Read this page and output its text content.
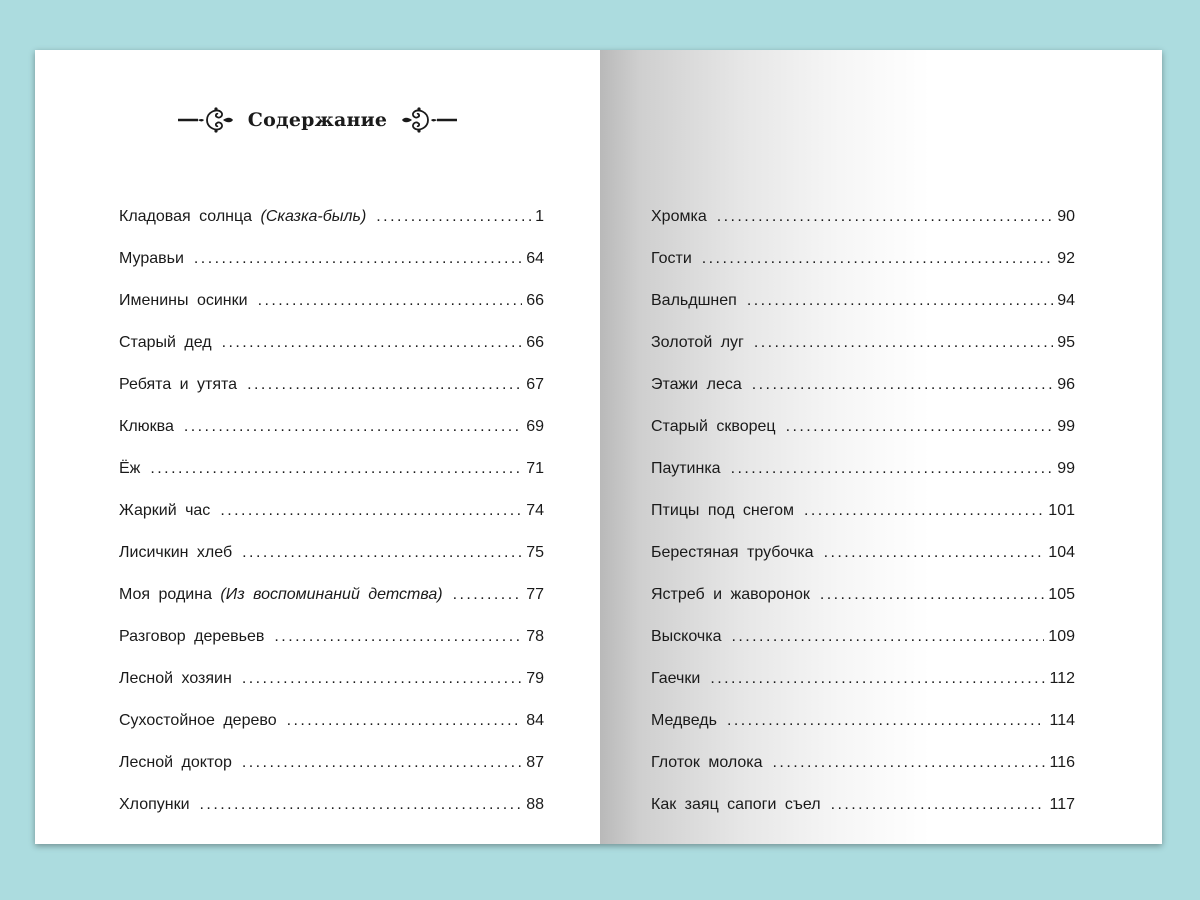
Содержание
Кладовая солнца (Сказка-быль) . . .	1
Муравьи . . .	64
Именины осинки . . .	66
Старый дед . . .	66
Ребята и утята . . .	67
Клюква . . .	69
Ёж . . .	71
Жаркий час . . .	74
Лисичкин хлеб . . .	75
Моя родина (Из воспоминаний детства) . . .	77
Разговор деревьев . . .	78
Лесной хозяин . . .	79
Сухостойное дерево . . .	84
Лесной доктор . . .	87
Хлопунки . . .	88
Хромка . . .	90
Гости . . .	92
Вальдшнеп . . .	94
Золотой луг . . .	95
Этажи леса . . .	96
Старый скворец . . .	99
Паутинка . . .	99
Птицы под снегом . . .	101
Берестяная трубочка . . .	104
Ястреб и жаворонок . . .	105
Выскочка . . .	109
Гаечки . . .	112
Медведь . . .	114
Глоток молока . . .	116
Как заяц сапоги съел . . .	117
